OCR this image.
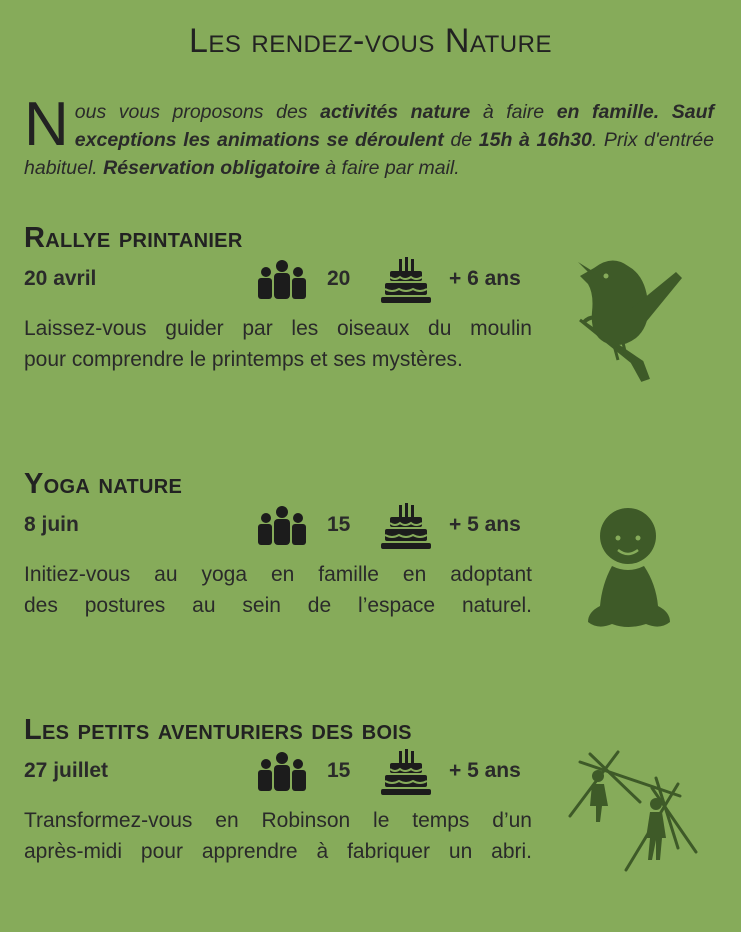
Les rendez-vous Nature
Nous vous proposons des activités nature à faire en famille. Sauf exceptions les animations se déroulent de 15h à 16h30. Prix d'entrée habituel. Réservation obligatoire à faire par mail.
Rallye printanier
20 avril	20	+ 6 ans

Laissez-vous guider par les oiseaux du moulin

pour comprendre le printemps et ses mystères.

Yoga nature
8 juin	15	+ 5 ans

Initiez-vous au yoga en famille en adoptant

des postures au sein de l’espace naturel.

Les petits aventuriers des bois
27 juillet	15	+ 5 ans

Transformez-vous en Robinson le temps d’un

après-midi pour apprendre à fabriquer un abri.
